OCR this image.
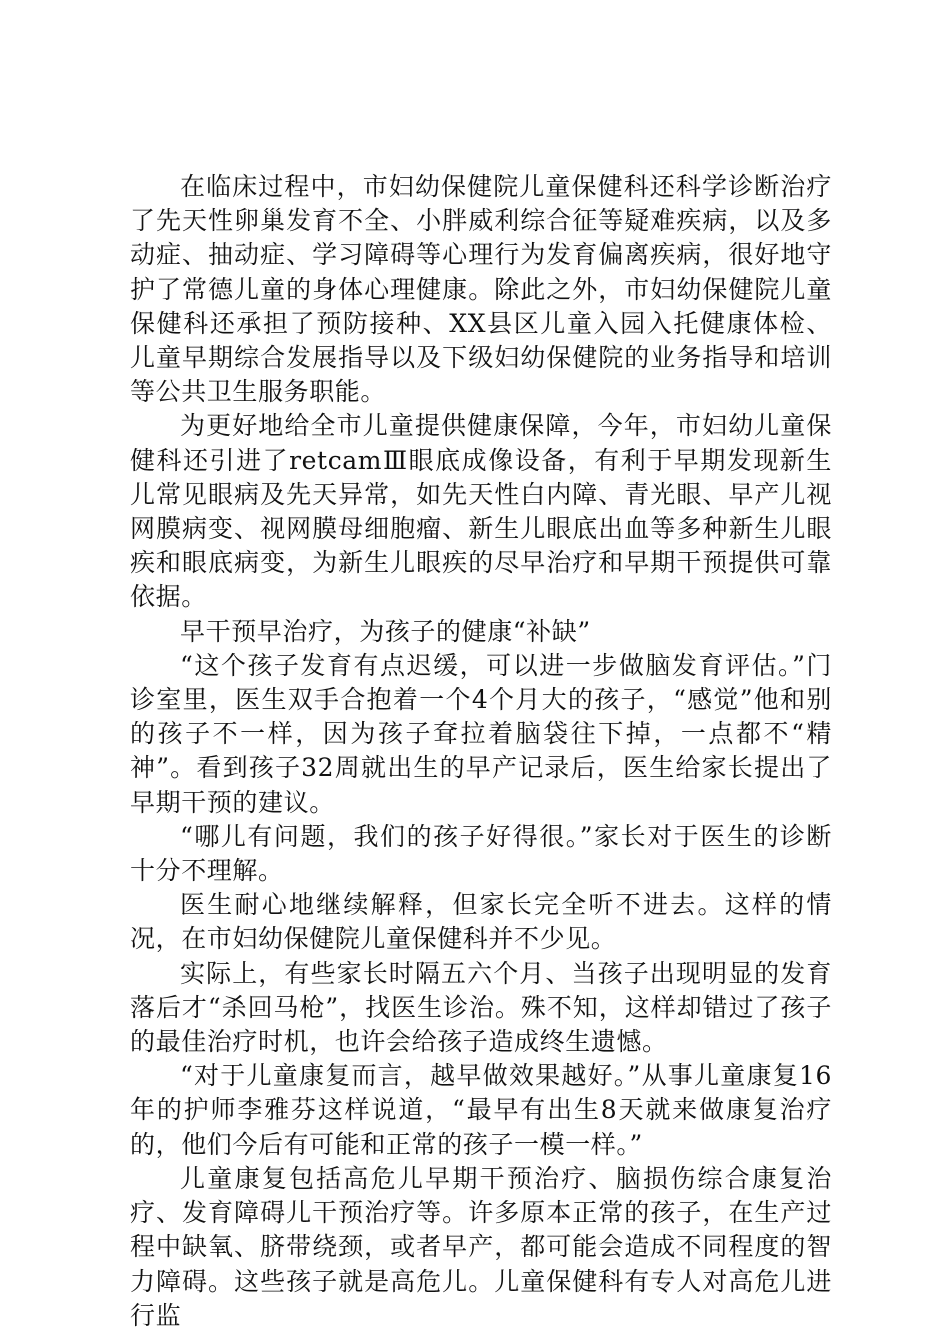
在临床过程中，市妇幼保健院儿童保健科还科学诊断治疗了先天性卵巢发育不全、小胖威利综合征等疑难疾病，以及多动症、抽动症、学习障碍等心理行为发育偏离疾病，很好地守护了常德儿童的身体心理健康。除此之外，市妇幼保健院儿童保健科还承担了预防接种、XX县区儿童入园入托健康体检、儿童早期综合发展指导以及下级妇幼保健院的业务指导和培训等公共卫生服务职能。

为更好地给全市儿童提供健康保障，今年，市妇幼儿童保健科还引进了retcamⅢ眼底成像设备，有利于早期发现新生儿常见眼病及先天异常，如先天性白内障、青光眼、早产儿视网膜病变、视网膜母细胞瘤、新生儿眼底出血等多种新生儿眼疾和眼底病变，为新生儿眼疾的尽早治疗和早期干预提供可靠依据。

早干预早治疗，为孩子的健康“补缺”

“这个孩子发育有点迟缓，可以进一步做脑发育评估。”门诊室里，医生双手合抱着一个4个月大的孩子，“感觉”他和别的孩子不一样，因为孩子耷拉着脑袋往下掉，一点都不“精神”。看到孩子32周就出生的早产记录后，医生给家长提出了早期干预的建议。

“哪儿有问题，我们的孩子好得很。”家长对于医生的诊断十分不理解。

医生耐心地继续解释，但家长完全听不进去。这样的情况，在市妇幼保健院儿童保健科并不少见。

实际上，有些家长时隔五六个月、当孩子出现明显的发育落后才“杀回马枪”，找医生诊治。殊不知，这样却错过了孩子的最佳治疗时机，也许会给孩子造成终生遗憾。

“对于儿童康复而言，越早做效果越好。”从事儿童康复16年的护师李雅芬这样说道，“最早有出生8天就来做康复治疗的，他们今后有可能和正常的孩子一模一样。”

儿童康复包括高危儿早期干预治疗、脑损伤综合康复治疗、发育障碍儿干预治疗等。许多原本正常的孩子，在生产过程中缺氧、脐带绕颈，或者早产，都可能会造成不同程度的智力障碍。这些孩子就是高危儿。儿童保健科有专人对高危儿进行监
